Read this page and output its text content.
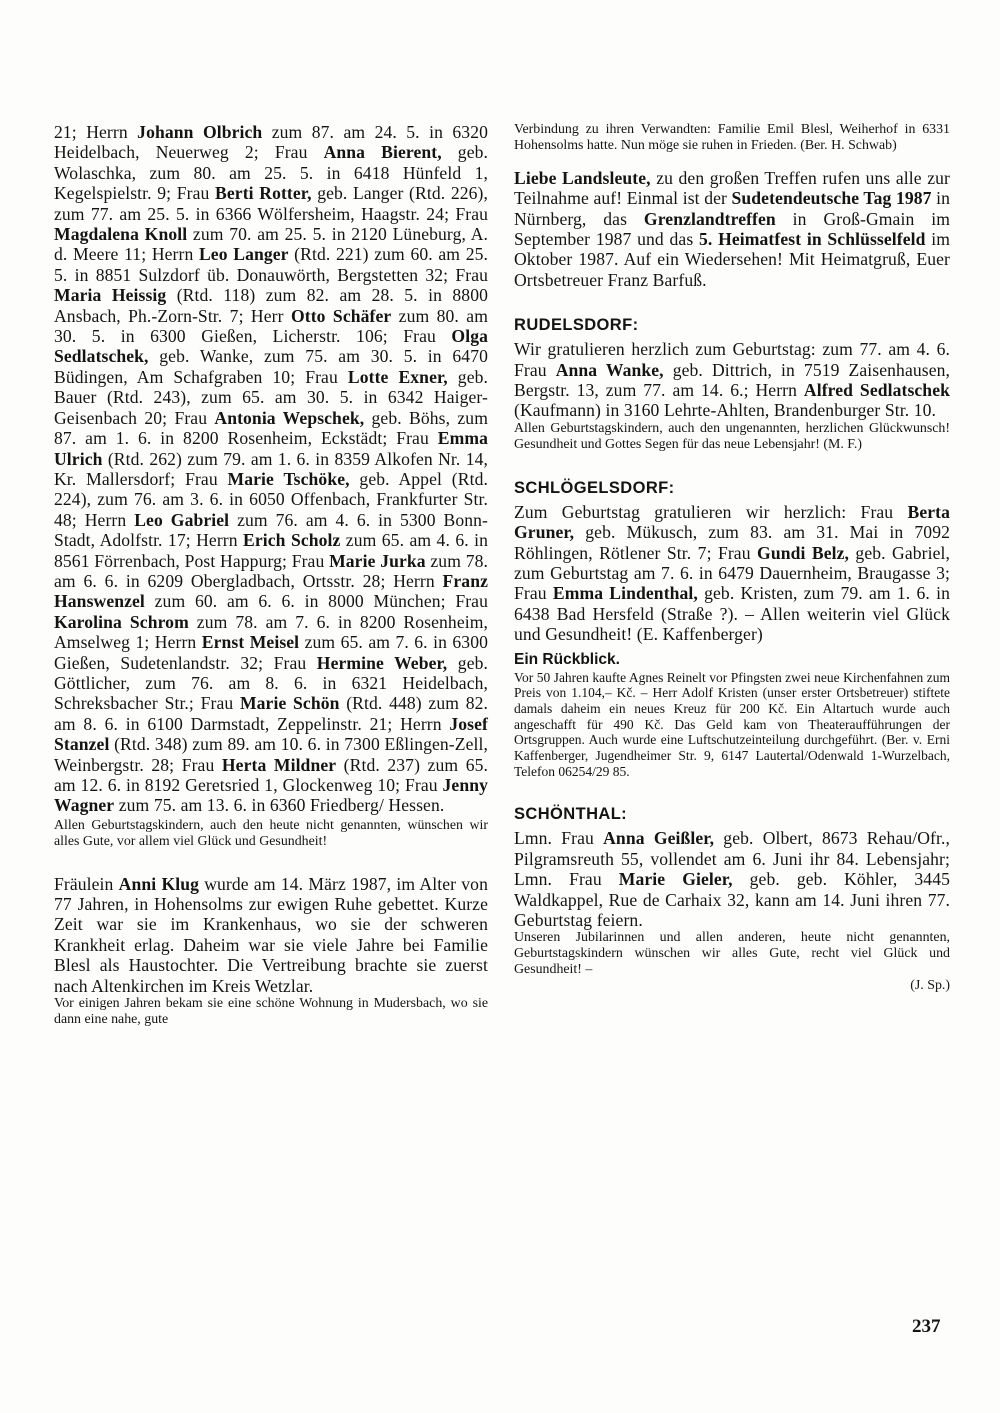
21; Herrn Johann Olbrich zum 87. am 24. 5. in 6320 Heidelbach, Neuerweg 2; Frau Anna Bierent, geb. Wolaschka, zum 80. am 25. 5. in 6418 Hünfeld 1, Kegelspielstr. 9; Frau Berti Rotter, geb. Langer (Rtd. 226), zum 77. am 25. 5. in 6366 Wölfersheim, Haagstr. 24; Frau Magdalena Knoll zum 70. am 25. 5. in 2120 Lüneburg, A. d. Meere 11; Herrn Leo Langer (Rtd. 221) zum 60. am 25. 5. in 8851 Sulzdorf üb. Donauwörth, Bergstetten 32; Frau Maria Heissig (Rtd. 118) zum 82. am 28. 5. in 8800 Ansbach, Ph.-Zorn-Str. 7; Herr Otto Schäfer zum 80. am 30. 5. in 6300 Gießen, Licherstr. 106; Frau Olga Sedlatschek, geb. Wanke, zum 75. am 30. 5. in 6470 Büdingen, Am Schafgraben 10; Frau Lotte Exner, geb. Bauer (Rtd. 243), zum 65. am 30. 5. in 6342 Haiger-Geisenbach 20; Frau Antonia Wepschek, geb. Böhs, zum 87. am 1. 6. in 8200 Rosenheim, Eckstädt; Frau Emma Ulrich (Rtd. 262) zum 79. am 1. 6. in 8359 Alkofen Nr. 14, Kr. Mallersdorf; Frau Marie Tschöke, geb. Appel (Rtd. 224), zum 76. am 3. 6. in 6050 Offenbach, Frankfurter Str. 48; Herrn Leo Gabriel zum 76. am 4. 6. in 5300 Bonn-Stadt, Adolfstr. 17; Herrn Erich Scholz zum 65. am 4. 6. in 8561 Förrenbach, Post Happurg; Frau Marie Jurka zum 78. am 6. 6. in 6209 Obergladbach, Ortsstr. 28; Herrn Franz Hanswenzel zum 60. am 6. 6. in 8000 München; Frau Karolina Schrom zum 78. am 7. 6. in 8200 Rosenheim, Amselweg 1; Herrn Ernst Meisel zum 65. am 7. 6. in 6300 Gießen, Sudetenlandstr. 32; Frau Hermine Weber, geb. Göttlicher, zum 76. am 8. 6. in 6321 Heidelbach, Schreksbacher Str.; Frau Marie Schön (Rtd. 448) zum 82. am 8. 6. in 6100 Darmstadt, Zeppelinstr. 21; Herrn Josef Stanzel (Rtd. 348) zum 89. am 10. 6. in 7300 Eßlingen-Zell, Weinbergstr. 28; Frau Herta Mildner (Rtd. 237) zum 65. am 12. 6. in 8192 Geretsried 1, Glockenweg 10; Frau Jenny Wagner zum 75. am 13. 6. in 6360 Friedberg/ Hessen.

Allen Geburtstagskindern, auch den heute nicht genannten, wünschen wir alles Gute, vor allem viel Glück und Gesundheit!

Fräulein Anni Klug wurde am 14. März 1987, im Alter von 77 Jahren, in Hohensolms zur ewigen Ruhe gebettet. Kurze Zeit war sie im Krankenhaus, wo sie der schweren Krankheit erlag. Daheim war sie viele Jahre bei Familie Blesl als Haustochter. Die Vertreibung brachte sie zuerst nach Altenkirchen im Kreis Wetzlar.

Vor einigen Jahren bekam sie eine schöne Wohnung in Mudersbach, wo sie dann eine nahe, gute

Verbindung zu ihren Verwandten: Familie Emil Blesl, Weiherhof in 6331 Hohensolms hatte. Nun möge sie ruhen in Frieden. (Ber. H. Schwab)

Liebe Landsleute, zu den großen Treffen rufen uns alle zur Teilnahme auf! Einmal ist der Sudetendeutsche Tag 1987 in Nürnberg, das Grenzlandtreffen in Groß-Gmain im September 1987 und das 5. Heimatfest in Schlüsselfeld im Oktober 1987. Auf ein Wiedersehen! Mit Heimatgruß, Euer Ortsbetreuer Franz Barfuß.

RUDELSDORF:

Wir gratulieren herzlich zum Geburtstag: zum 77. am 4. 6. Frau Anna Wanke, geb. Dittrich, in 7519 Zaisenhausen, Bergstr. 13, zum 77. am 14. 6.; Herrn Alfred Sedlatschek (Kaufmann) in 3160 Lehrte-Ahlten, Brandenburger Str. 10.

Allen Geburtstagskindern, auch den ungenannten, herzlichen Glückwunsch! Gesundheit und Gottes Segen für das neue Lebensjahr! (M. F.)

SCHLÖGELSDORF:

Zum Geburtstag gratulieren wir herzlich: Frau Berta Gruner, geb. Mükusch, zum 83. am 31. Mai in 7092 Röhlingen, Rötlener Str. 7; Frau Gundi Belz, geb. Gabriel, zum Geburtstag am 7. 6. in 6479 Dauernheim, Braugasse 3; Frau Emma Lindenthal, geb. Kristen, zum 79. am 1. 6. in 6438 Bad Hersfeld (Straße ?). – Allen weiterin viel Glück und Gesundheit! (E. Kaffenberger)

Ein Rückblick.

Vor 50 Jahren kaufte Agnes Reinelt vor Pfingsten zwei neue Kirchenfahnen zum Preis von 1.104,– Kč. – Herr Adolf Kristen (unser erster Ortsbetreuer) stiftete damals daheim ein neues Kreuz für 200 Kč. Ein Altartuch wurde auch angeschafft für 490 Kč. Das Geld kam von Theateraufführungen der Ortsgruppen. Auch wurde eine Luftschutzeinteilung durchgeführt. (Ber. v. Erni Kaffenberger, Jugendheimer Str. 9, 6147 Lautertal/Odenwald 1-Wurzelbach, Telefon 06254/29 85.

SCHÖNTHAL:

Lmn. Frau Anna Geißler, geb. Olbert, 8673 Rehau/Ofr., Pilgramsreuth 55, vollendet am 6. Juni ihr 84. Lebensjahr; Lmn. Frau Marie Gieler, geb. geb. Köhler, 3445 Waldkappel, Rue de Carhaix 32, kann am 14. Juni ihren 77. Geburtstag feiern.

Unseren Jubilarinnen und allen anderen, heute nicht genannten, Geburtstagskindern wünschen wir alles Gute, recht viel Glück und Gesundheit! –

(J. Sp.)

237
